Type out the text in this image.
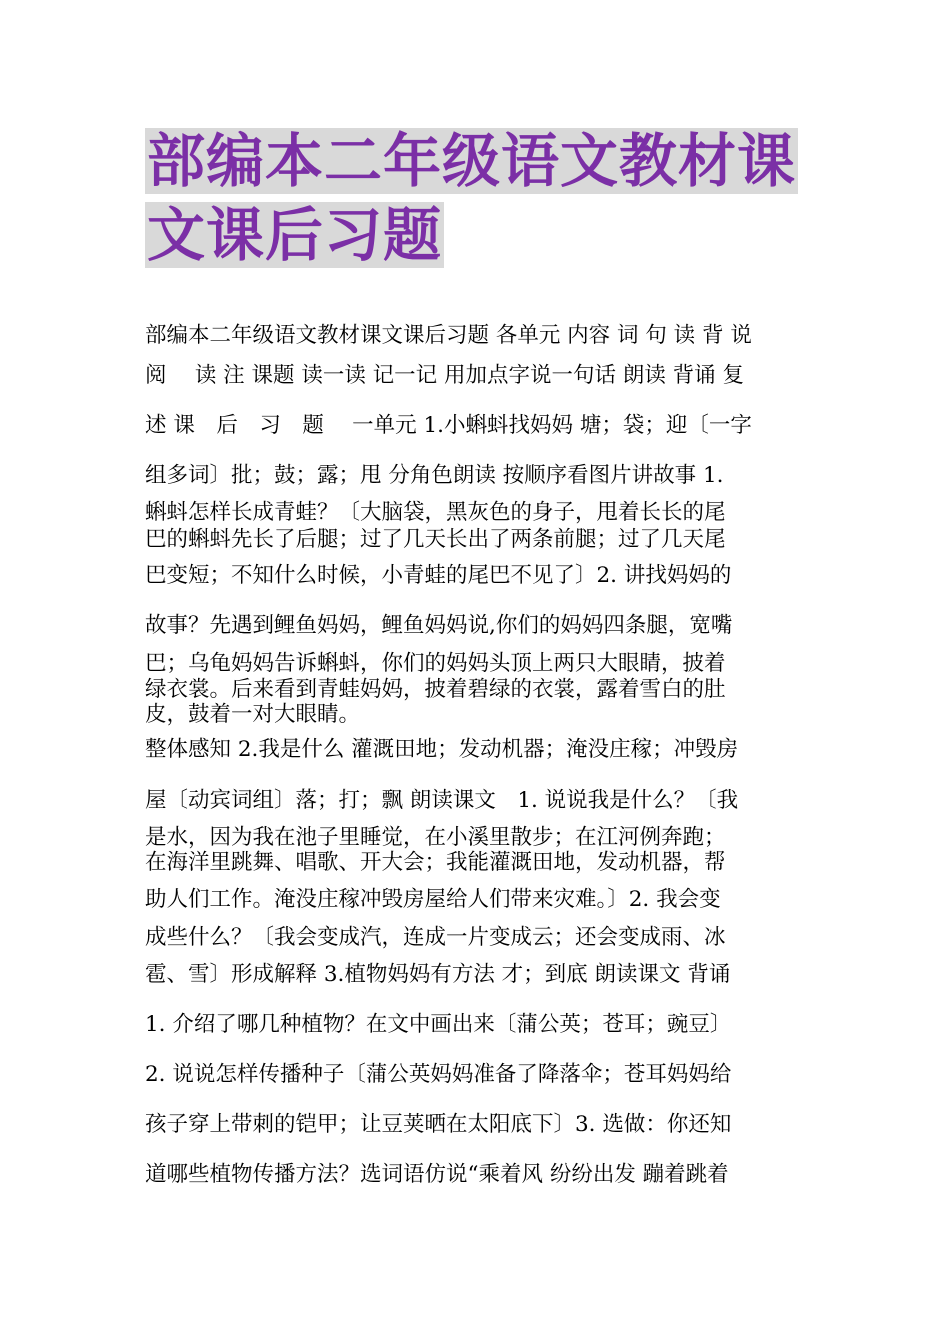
部编本二年级语文教材课
文课后习题
部编本二年级语文教材课文课后习题 各单元 内容 词 句 读 背 说
阅　 读 注 课题 读一读 记一记 用加点字说一句话 朗读 背诵 复
述 课　后　习　题　 一单元 1.小蝌蚪找妈妈 塘；袋；迎〔一字
组多词〕批；鼓；露；甩 分角色朗读 按顺序看图片讲故事 1.
蝌蚪怎样长成青蛙？〔大脑袋，黑灰色的身子，甩着长长的尾
巴的蝌蚪先长了后腿；过了几天长出了两条前腿；过了几天尾
巴变短；不知什么时候，小青蛙的尾巴不见了〕2. 讲找妈妈的
故事？先遇到鲤鱼妈妈，鲤鱼妈妈说,你们的妈妈四条腿，宽嘴
巴；乌龟妈妈告诉蝌蚪，你们的妈妈头顶上两只大眼睛，披着
绿衣裳。后来看到青蛙妈妈，披着碧绿的衣裳，露着雪白的肚
皮，鼓着一对大眼睛。
整体感知 2.我是什么 灌溉田地；发动机器；淹没庄稼；冲毁房
屋〔动宾词组〕落；打；飘 朗读课文　1. 说说我是什么？〔我
是水，因为我在池子里睡觉，在小溪里散步；在江河例奔跑；
在海洋里跳舞、唱歌、开大会；我能灌溉田地，发动机器，帮
助人们工作。淹没庄稼冲毁房屋给人们带来灾难。〕2. 我会变
成些什么？〔我会变成汽，连成一片变成云；还会变成雨、冰
雹、雪〕形成解释 3.植物妈妈有方法 才；到底 朗读课文 背诵
1. 介绍了哪几种植物？在文中画出来〔蒲公英；苍耳；豌豆〕
2. 说说怎样传播种子〔蒲公英妈妈准备了降落伞；苍耳妈妈给
孩子穿上带刺的铠甲；让豆荚晒在太阳底下〕3. 选做：你还知
道哪些植物传播方法？选词语仿说“乘着风 纷纷出发 蹦着跳着
